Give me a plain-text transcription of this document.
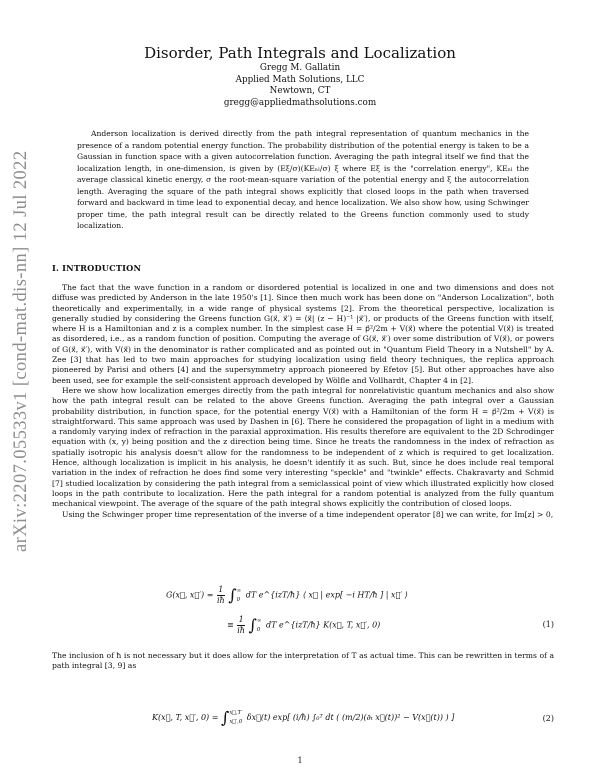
arXiv:2207.05533v1 [cond-mat.dis-nn] 12 Jul 2022
Disorder, Path Integrals and Localization
Gregg M. Gallatin
Applied Math Solutions, LLC
Newtown, CT
gregg@appliedmathsolutions.com

Anderson localization is derived directly from the path integral representation of quantum mechanics in the presence of a random potential energy function. The probability distribution of the potential energy is taken to be a Gaussian in function space with a given autocorrelation function. Averaging the path integral itself we find that the localization length, in one-dimension, is given by (Eξ/σ)(KEₙₗ/σ) ξ where Eξ is the "correlation energy", KEₙₗ the average classical kinetic energy, σ the root-mean-square variation of the potential energy and ξ the autocorrelation length. Averaging the square of the path integral shows explicitly that closed loops in the path when traversed forward and backward in time lead to exponential decay, and hence localization. We also show how, using Schwinger proper time, the path integral result can be directly related to the Greens function commonly used to study localization.

I. INTRODUCTION

The fact that the wave function in a random or disordered potential is localized in one and two dimensions and does not diffuse was predicted by Anderson in the late 1950's [1]. Since then much work has been done on "Anderson Localization", both theoretically and experimentally, in a wide range of physical systems [2]. From the theoretical perspective, localization is generally studied by considering the Greens function G(x⃗, x⃗′) = ⟨x⃗| (z − H)⁻¹ |x⃗′⟩, or products of the Greens function with itself, where H is a Hamiltonian and z is a complex number. In the simplest case H = p⃗²/2m + V(x⃗) where the potential V(x⃗) is treated as disordered, i.e., as a random function of position. Computing the average of G(x⃗, x⃗′) over some distribution of V(x⃗), or powers of G(x⃗, x⃗′), with V(x⃗) in the denominator is rather complicated and as pointed out in "Quantum Field Theory in a Nutshell" by A. Zee [3] that has led to two main approaches for studying localization using field theory techniques, the replica approach pioneered by Parisi and others [4] and the supersymmetry approach pioneered by Efetov [5]. But other approaches have also been used, see for example the self-consistent approach developed by Wölfle and Vollhardt, Chapter 4 in [2].

Here we show how localization emerges directly from the path integral for nonrelativistic quantum mechanics and also show how the path integral result can be related to the above Greens function. Averaging the path integral over a Gaussian probability distribution, in function space, for the potential energy V(x⃗) with a Hamiltonian of the form H = p⃗²/2m + V(x⃗) is straightforward. This same approach was used by Dashen in [6]. There he considered the propagation of light in a medium with a randomly varying index of refraction in the paraxial approximation. His results therefore are equivalent to the 2D Schrodinger equation with (x, y) being position and the z direction being time. Since he treats the randomness in the index of refraction as spatially isotropic his analysis doesn't allow for the randomness to be independent of z which is required to get localization. Hence, although localization is implicit in his analysis, he doesn't identify it as such. But, since he does include real temporal variation in the index of refraction he does find some very interesting "speckle" and "twinkle" effects. Chakravarty and Schmid [7] studied localization by considering the path integral from a semiclassical point of view which illustrated explicitly how closed loops in the path contribute to localization. Here the path integral for a random potential is analyzed from the fully quantum mechanical viewpoint. The average of the square of the path integral shows explicitly the contribution of closed loops.

Using the Schwinger proper time representation of the inverse of a time independent operator [8] we can write, for Im[z] > 0,

G(x⃗, x⃗′) = $\frac{1}{iħ}$ ∫∞
0 dT e^{izT/ħ} ⟨ x⃗ | exp[ −i HT/ħ ] | x⃗′ ⟩
≡ $\frac{1}{iħ}$ ∫∞
0 dT e^{izT/ħ} K(x⃗, T, x⃗′, 0)	(1)

The inclusion of ħ is not necessary but it does allow for the interpretation of T as actual time. This can be rewritten in terms of a path integral [3, 9] as

K(x⃗, T, x⃗′, 0) = ∫x⃗,T
x⃗′,0 δx⃗(t) exp[ (i/ħ) ∫₀ᵀ dt ( (m/2)(∂ₜ x⃗(t))² − V(x⃗(t)) ) ]	(2)
1
